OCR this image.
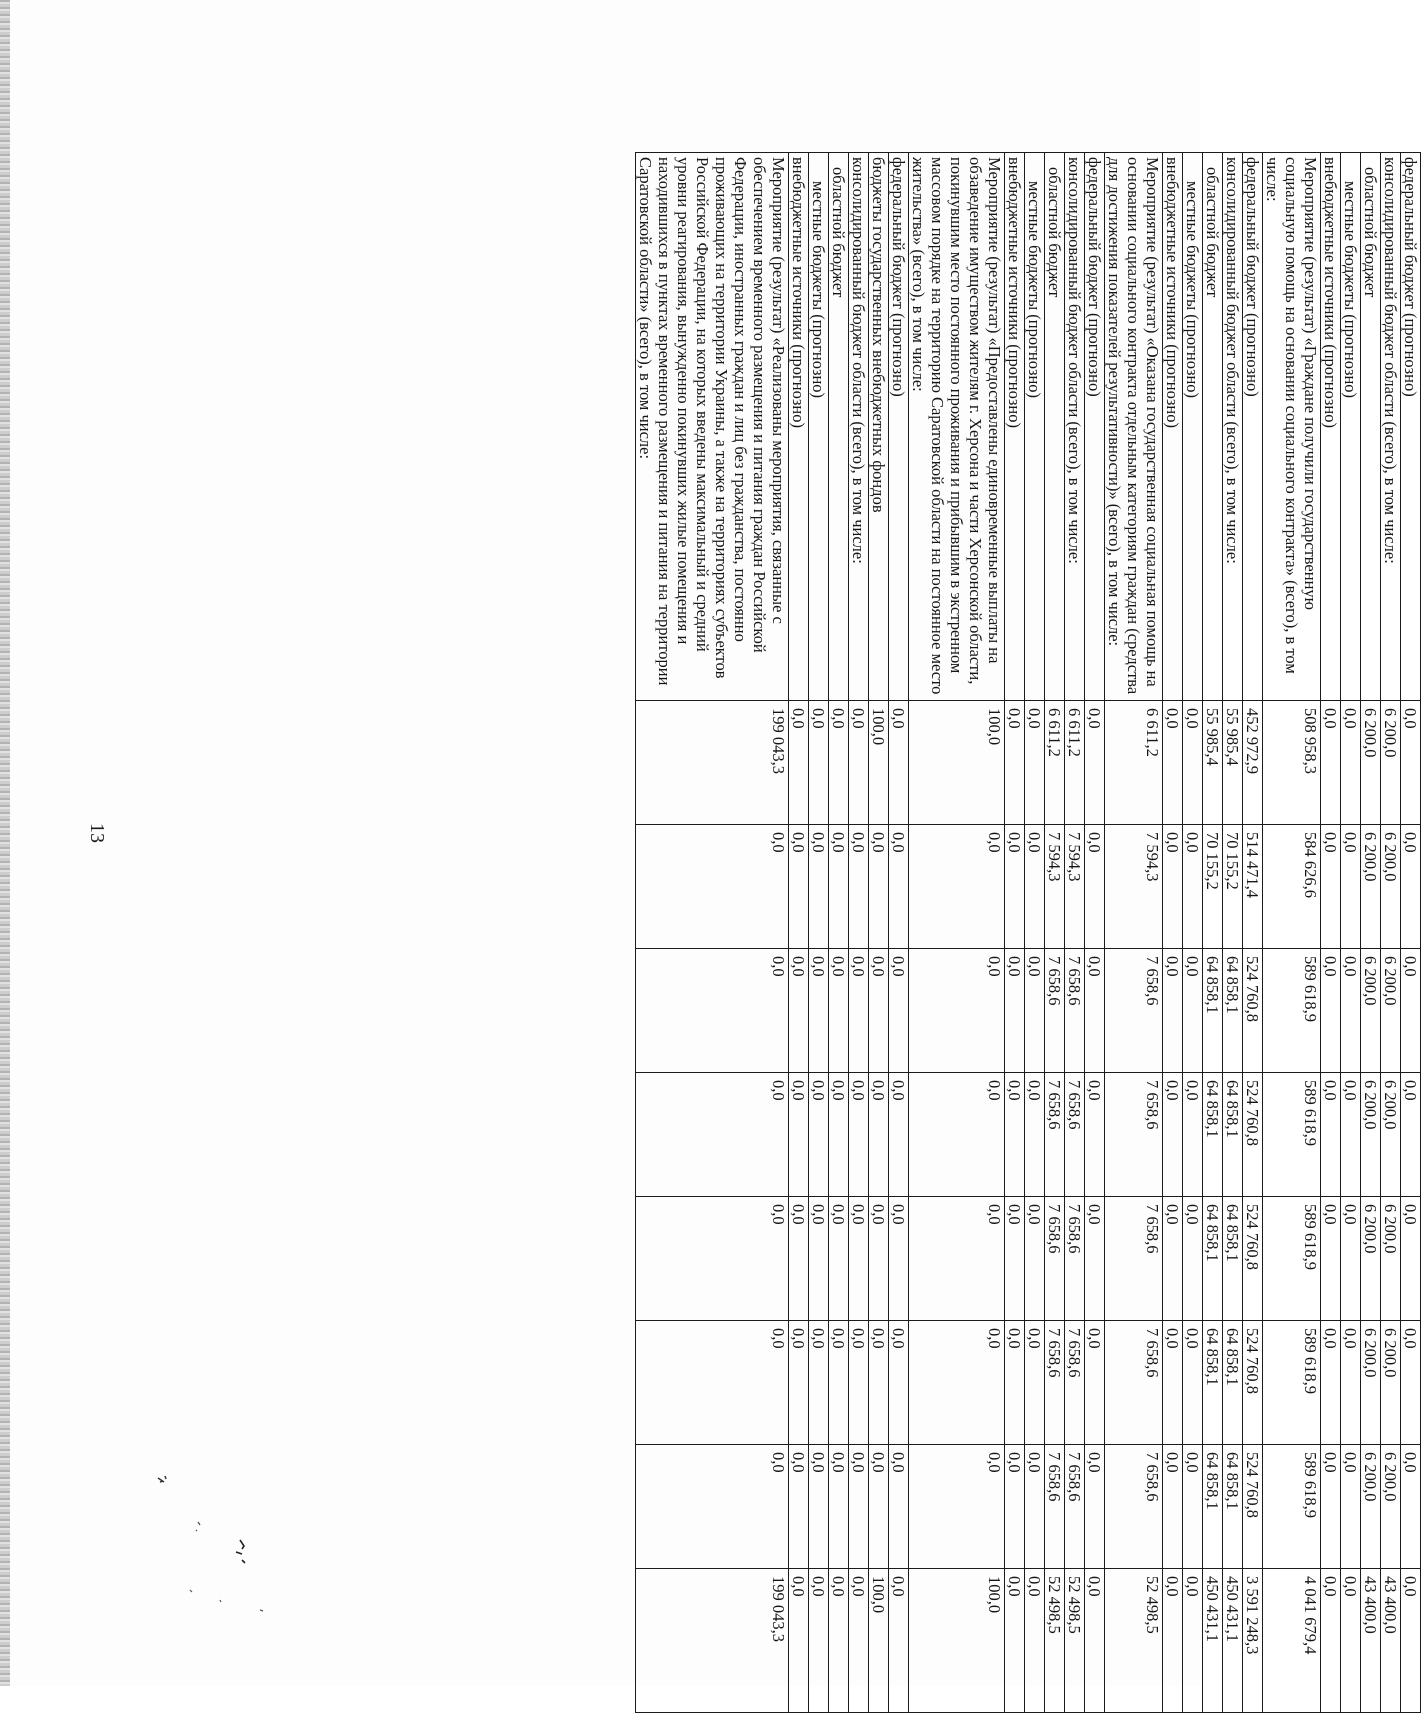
13
федеральный бюджет (прогнозно)	0,0	0,0	0,0	0,0	0,0	0,0	0,0	0,0
консолидированный бюджет области (всего), в том числе:	6 200,0	6 200,0	6 200,0	6 200,0	6 200,0	6 200,0	6 200,0	43 400,0
областной бюджет	6 200,0	6 200,0	6 200,0	6 200,0	6 200,0	6 200,0	6 200,0	43 400,0
местные бюджеты (прогнозно)	0,0	0,0	0,0	0,0	0,0	0,0	0,0	0,0
внебюджетные источники (прогнозно)	0,0	0,0	0,0	0,0	0,0	0,0	0,0	0,0
Мероприятие (результат) «Граждане получили государственную социальную помощь на основании социального контракта» (всего), в том числе:	508 958,3	584 626,6	589 618,9	589 618,9	589 618,9	589 618,9	589 618,9	4 041 679,4
федеральный бюджет (прогнозно)	452 972,9	514 471,4	524 760,8	524 760,8	524 760,8	524 760,8	524 760,8	3 591 248,3
консолидированный бюджет области (всего), в том числе:	55 985,4	70 155,2	64 858,1	64 858,1	64 858,1	64 858,1	64 858,1	450 431,1
областной бюджет	55 985,4	70 155,2	64 858,1	64 858,1	64 858,1	64 858,1	64 858,1	450 431,1
местные бюджеты (прогнозно)	0,0	0,0	0,0	0,0	0,0	0,0	0,0	0,0
внебюджетные источники (прогнозно)	0,0	0,0	0,0	0,0	0,0	0,0	0,0	0,0
Мероприятие (результат) «Оказана государственная социальная помощь на основании социального контракта отдельным категориям граждан (средства для достижения показателей результативности)» (всего), в том числе:	6 611,2	7 594,3	7 658,6	7 658,6	7 658,6	7 658,6	7 658,6	52 498,5
федеральный бюджет (прогнозно)	0,0	0,0	0,0	0,0	0,0	0,0	0,0	0,0
консолидированный бюджет области (всего), в том числе:	6 611,2	7 594,3	7 658,6	7 658,6	7 658,6	7 658,6	7 658,6	52 498,5
областной бюджет	6 611,2	7 594,3	7 658,6	7 658,6	7 658,6	7 658,6	7 658,6	52 498,5
местные бюджеты (прогнозно)	0,0	0,0	0,0	0,0	0,0	0,0	0,0	0,0
внебюджетные источники (прогнозно)	0,0	0,0	0,0	0,0	0,0	0,0	0,0	0,0
Мероприятие (результат) «Предоставлены единовременные выплаты на обзаведение имуществом жителям г. Херсона и части Херсонской области, покинувшим место постоянного проживания и прибывшим в экстренном массовом порядке на территорию Саратовской области на постоянное место жительства» (всего), в том числе:	100,0	0,0	0,0	0,0	0,0	0,0	0,0	100,0
федеральный бюджет (прогнозно)	0,0	0,0	0,0	0,0	0,0	0,0	0,0	0,0
бюджеты государственных внебюджетных фондов	100,0	0,0	0,0	0,0	0,0	0,0	0,0	100,0
консолидированный бюджет области (всего), в том числе:	0,0	0,0	0,0	0,0	0,0	0,0	0,0	0,0
областной бюджет	0,0	0,0	0,0	0,0	0,0	0,0	0,0	0,0
местные бюджеты (прогнозно)	0,0	0,0	0,0	0,0	0,0	0,0	0,0	0,0
внебюджетные источники (прогнозно)	0,0	0,0	0,0	0,0	0,0	0,0	0,0	0,0
Мероприятие (результат) «Реализованы мероприятия, связанные с обеспечением временного размещения и питания граждан Российской Федерации, иностранных граждан и лиц без гражданства, постоянно проживающих на территории Украины, а также на территориях субъектов Российской Федерации, на которых введены максимальный и средний уровни реагирования, вынужденно покинувших жилые помещения и находившихся в пунктах временного размещения и питания на территории Саратовской области» (всего), в том числе:	199 043,3	0,0	0,0	0,0	0,0	0,0	0,0	199 043,3
